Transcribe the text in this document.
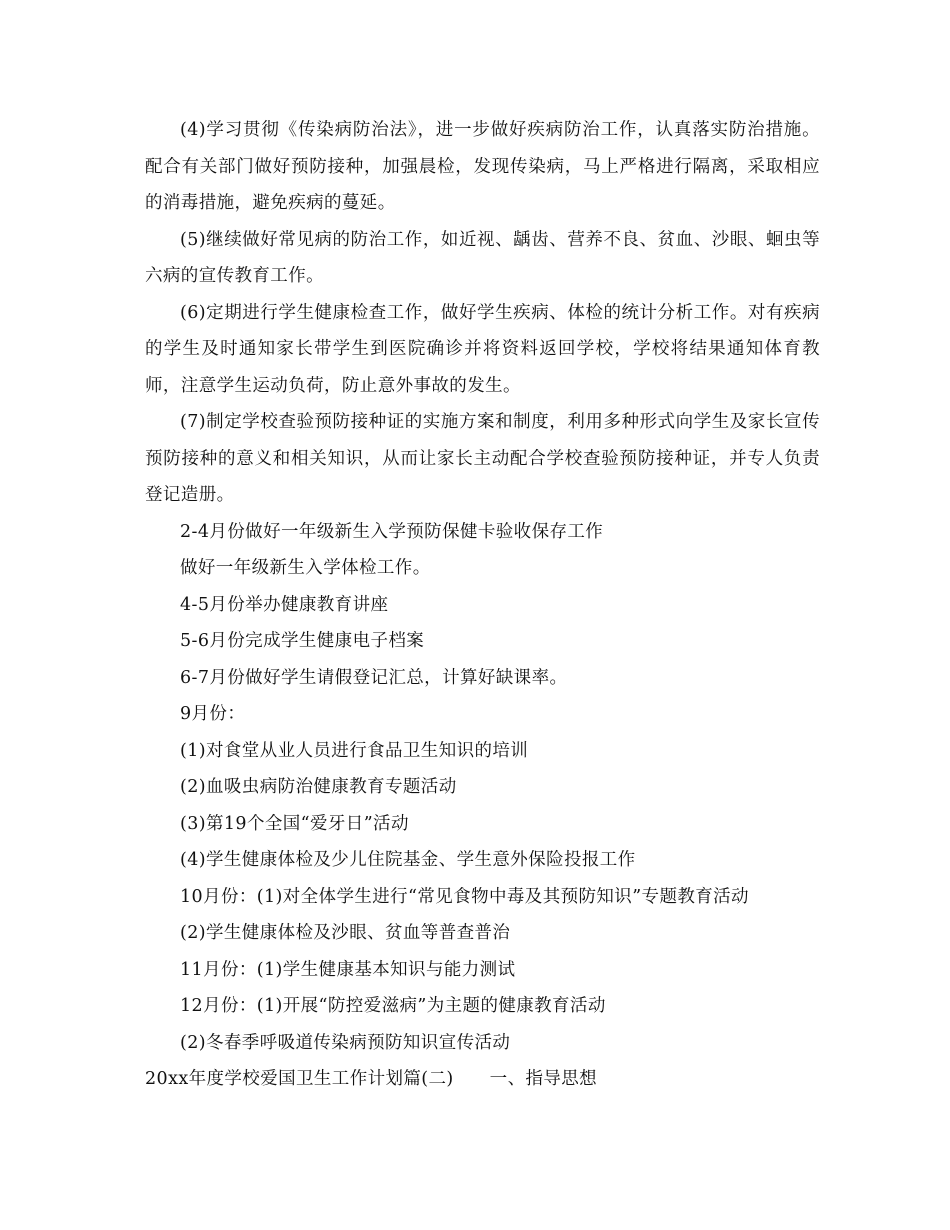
(4)学习贯彻《传染病防治法》，进一步做好疾病防治工作，认真落实防治措施。配合有关部门做好预防接种，加强晨检，发现传染病，马上严格进行隔离，采取相应的消毒措施，避免疾病的蔓延。

(5)继续做好常见病的防治工作，如近视、龋齿、营养不良、贫血、沙眼、蛔虫等六病的宣传教育工作。

(6)定期进行学生健康检查工作，做好学生疾病、体检的统计分析工作。对有疾病的学生及时通知家长带学生到医院确诊并将资料返回学校，学校将结果通知体育教师，注意学生运动负荷，防止意外事故的发生。

(7)制定学校查验预防接种证的实施方案和制度，利用多种形式向学生及家长宣传预防接种的意义和相关知识，从而让家长主动配合学校查验预防接种证，并专人负责登记造册。

2-4月份做好一年级新生入学预防保健卡验收保存工作

做好一年级新生入学体检工作。

4-5月份举办健康教育讲座

5-6月份完成学生健康电子档案

6-7月份做好学生请假登记汇总，计算好缺课率。

9月份：

(1)对食堂从业人员进行食品卫生知识的培训

(2)血吸虫病防治健康教育专题活动

(3)第19个全国“爱牙日”活动

(4)学生健康体检及少儿住院基金、学生意外保险投报工作

10月份：(1)对全体学生进行“常见食物中毒及其预防知识”专题教育活动

(2)学生健康体检及沙眼、贫血等普查普治

11月份：(1)学生健康基本知识与能力测试

12月份：(1)开展“防控爱滋病”为主题的健康教育活动

(2)冬春季呼吸道传染病预防知识宣传活动

20xx年度学校爱国卫生工作计划篇(二) 一、指导思想
